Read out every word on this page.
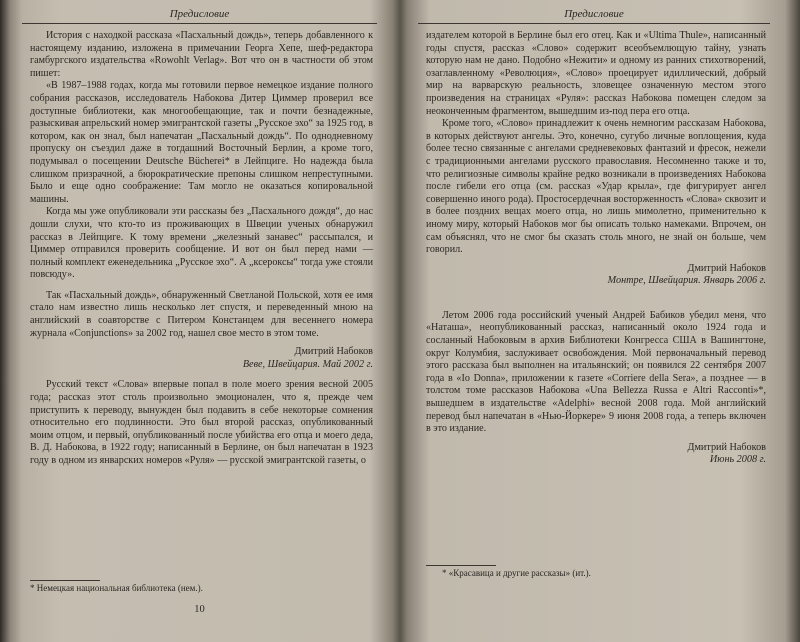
Предисловие

История с находкой рассказа «Пасхальный дождь», теперь добавленного к настоящему изданию, изложена в примечании Георга Хепе, шеф-редактора гамбургского издательства «Rowohlt Verlag». Вот что он в частности об этом пишет:

«В 1987–1988 годах, когда мы готовили первое немецкое издание полного собрания рассказов, исследователь Набокова Дитер Циммер проверил все доступные библиотеки, как многообещающие, так и почти безнадежные, разыскивая апрельский номер эмигрантской газеты „Русское эхо“ за 1925 год, в котором, как он знал, был напечатан „Пасхальный дождь“. По однодневному пропуску он съездил даже в тогдашний Восточный Берлин, а кроме того, подумывал о посещении Deutsche Bücherei* в Лейпциге. Но надежда была слишком призрачной, а бюрократические препоны слишком непреступными. Было и еще одно соображение: Там могло не оказаться копировальной машины.

Когда мы уже опубликовали эти рассказы без „Пасхального дождя“, до нас дошли слухи, что кто-то из проживающих в Швеции ученых обнаружил рассказ в Лейпциге. К тому времени „железный занавес“ рассыпался, и Циммер отправился проверить сообщение. И вот он был перед нами — полный комплект еженедельника „Русское эхо“. А „ксероксы“ тогда уже стояли повсюду».

Так «Пасхальный дождь», обнаруженный Светланой Польской, хотя ее имя стало нам известно лишь несколько лет спустя, и переведенный мною на английский в соавторстве с Питером Констанцем для весеннего номера журнала «Conjunctions» за 2002 год, нашел свое место в этом томе.

Дмитрий Набоков
Веве, Швейцария. Май 2002 г.

Русский текст «Слова» впервые попал в поле моего зрения весной 2005 года; рассказ этот столь произвольно эмоционален, что я, прежде чем приступить к переводу, вынужден был подавить в себе некоторые сомнения относительно его подлинности. Это был второй рассказ, опубликованный моим отцом, и первый, опубликованный после убийства его отца и моего деда, В. Д. Набокова, в 1922 году; написанный в Берлине, он был напечатан в 1923 году в одном из январских номеров «Руля» — русской эмигрантской газеты, о

* Немецкая национальная библиотека (нем.).
10
Предисловие

издателем которой в Берлине был его отец. Как и «Ultima Thule», написанный годы спустя, рассказ «Слово» содержит всеобъемлющую тайну, узнать которую нам не дано. Подобно «Нежити» и одному из ранних стихотворений, озаглавленному «Революция», «Слово» проецирует идиллический, добрый мир на варварскую реальность, зловещее означенную местом этого произведения на страницах «Руля»: рассказ Набокова помещен следом за неоконченным фрагментом, вышедшим из-под пера его отца.

Кроме того, «Слово» принадлежит к очень немногим рассказам Набокова, в которых действуют ангелы. Это, конечно, сугубо личные воплощения, куда более тесно связанные с ангелами средневековых фантазий и фресок, нежели с традиционными ангелами русского православия. Несомненно также и то, что религиозные символы крайне редко возникали в произведениях Набокова после гибели его отца (см. рассказ «Удар крыла», где фигурирует ангел совершенно иного рода). Простосердечная восторженность «Слова» сквозит и в более поздних вещах моего отца, но лишь мимолетно, применительно к иному миру, который Набоков мог бы описать только намеками. Впрочем, он сам объяснял, что не смог бы сказать столь много, не знай он больше, чем говорил.

Дмитрий Набоков
Монтре, Швейцария. Январь 2006 г.

Летом 2006 года российский ученый Андрей Бабиков убедил меня, что «Наташа», неопубликованный рассказ, написанный около 1924 года и сосланный Набоковым в архив Библиотеки Конгресса США в Вашингтоне, округ Колумбия, заслуживает освобождения. Мой первоначальный перевод этого рассказа был выполнен на итальянский; он появился 22 сентября 2007 года в «Io Donna», приложении к газете «Corriere della Sera», а позднее — в толстом томе рассказов Набокова «Una Bellezza Russa e Altri Racconti»*, вышедшем в издательстве «Adelphi» весной 2008 года. Мой английский перевод был напечатан в «Нью-Йоркере» 9 июня 2008 года, а теперь включен в это издание.

Дмитрий Набоков
Июнь 2008 г.
* «Красавица и другие рассказы» (ит.).
